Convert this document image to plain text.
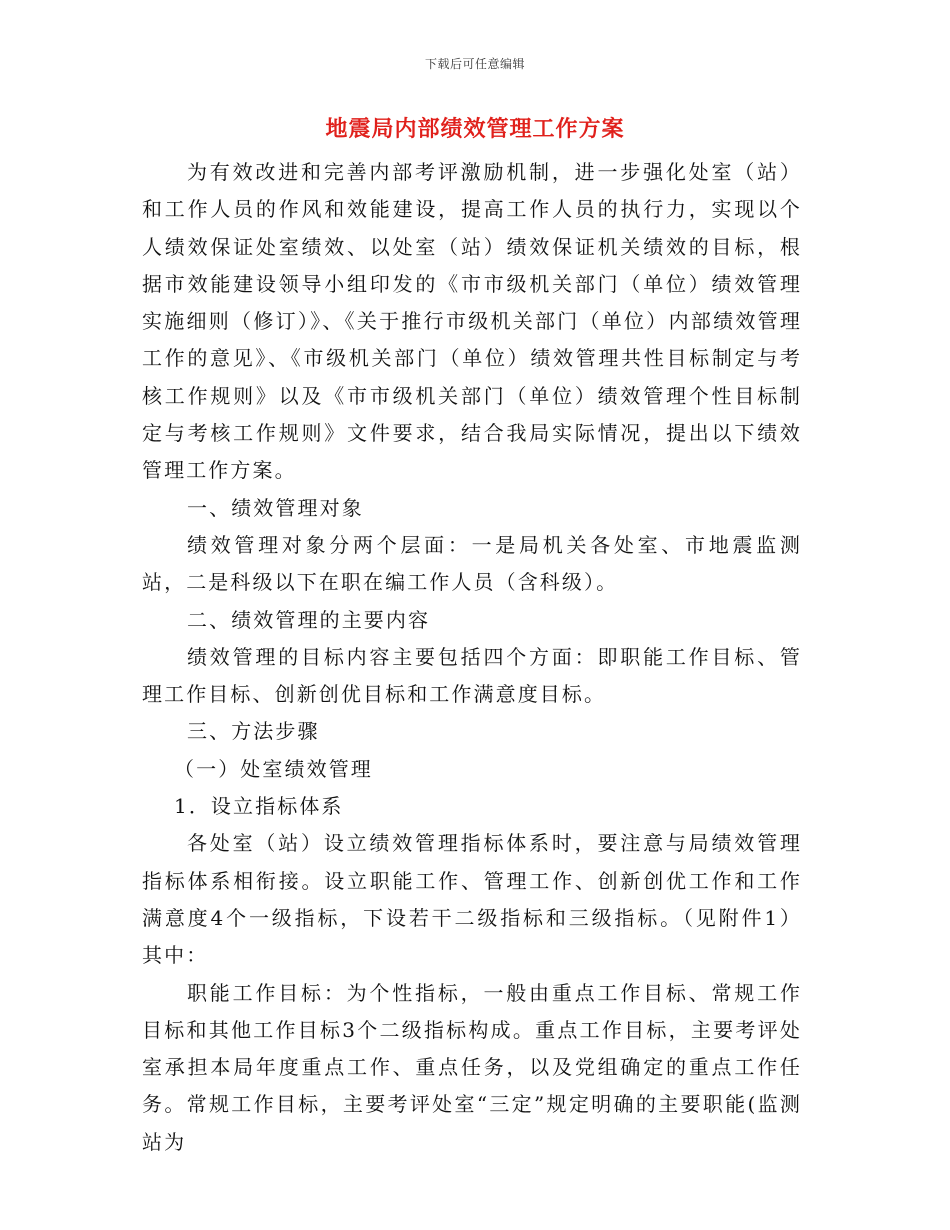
下载后可任意编辑
地震局内部绩效管理工作方案

为有效改进和完善内部考评激励机制，进一步强化处室（站）和工作人员的作风和效能建设，提高工作人员的执行力，实现以个人绩效保证处室绩效、以处室（站）绩效保证机关绩效的目标，根据市效能建设领导小组印发的《市市级机关部门（单位）绩效管理实施细则（修订）》、《关于推行市级机关部门（单位）内部绩效管理工作的意见》、《市级机关部门（单位）绩效管理共性目标制定与考核工作规则》以及《市市级机关部门（单位）绩效管理个性目标制定与考核工作规则》文件要求，结合我局实际情况，提出以下绩效管理工作方案。

一、绩效管理对象

绩效管理对象分两个层面：一是局机关各处室、市地震监测站，二是科级以下在职在编工作人员（含科级）。

二、绩效管理的主要内容

绩效管理的目标内容主要包括四个方面：即职能工作目标、管理工作目标、创新创优目标和工作满意度目标。

三、方法步骤

（一）处室绩效管理

1．设立指标体系

各处室（站）设立绩效管理指标体系时，要注意与局绩效管理指标体系相衔接。设立职能工作、管理工作、创新创优工作和工作满意度4个一级指标，下设若干二级指标和三级指标。（见附件1）其中：

职能工作目标：为个性指标，一般由重点工作目标、常规工作目标和其他工作目标3个二级指标构成。重点工作目标，主要考评处室承担本局年度重点工作、重点任务，以及党组确定的重点工作任务。常规工作目标，主要考评处室“三定”规定明确的主要职能(监测站为
